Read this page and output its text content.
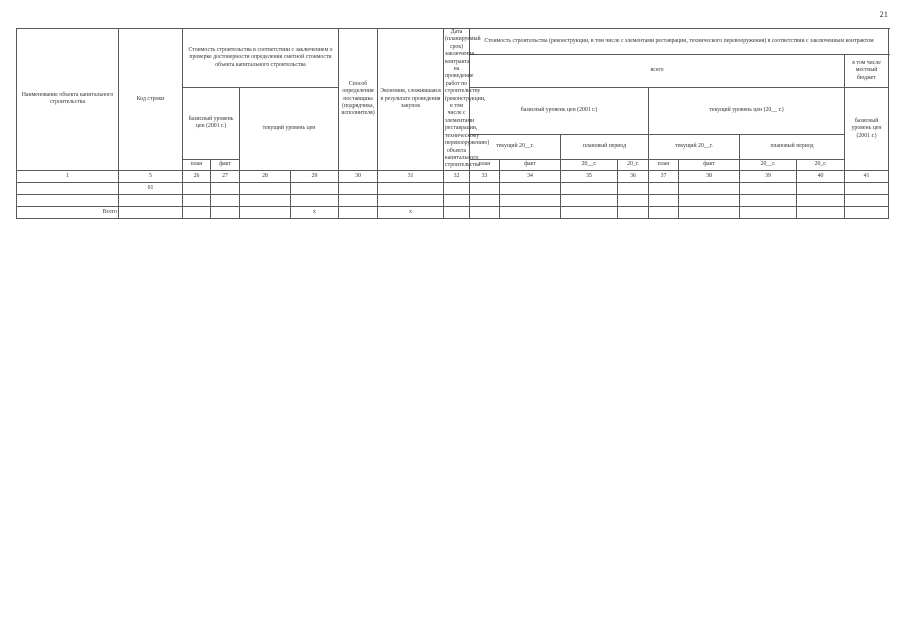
21
Наименование объекта капитального строительства	Код строки	Стоимость строительства в соответствии с заключением о проверке достоверности определения сметной стоимости объекта капитального строительства				Способ определения поставщика (подрядчика, исполнителя)	Экономия, сложившаяся в результате проведения закупок	Дата (планируемый срок) заключения контракта на проведение работ по строительству (реконструкции, в том числе с элементами реставрации, техническому перевооружению) объекта капитального строительства	Стоимость строительства (реконструкции, в том числе с элементами реставрации, технического перевооружения) в соответствии с заключенным контрактом									
									всего								в том числе местный бюджет	
		базисный уровень цен (2001 г.)		текущий уровень цен					базисный уровень цен (2001 г.)				текущий уровень цен (20__ г.)				базисный уровень цен (2001 г.)	
									текущий 20__г.		плановый период		текущий 20__г.		плановый период			
		план	факт						план	факт	20__г.	20_г.	план	факт	20__г.	20_г.		
1	5	26	27	28	29	30	31	32	33	34	35	36	37	38	39	40	41	
	01																	

Всего					х		х											
